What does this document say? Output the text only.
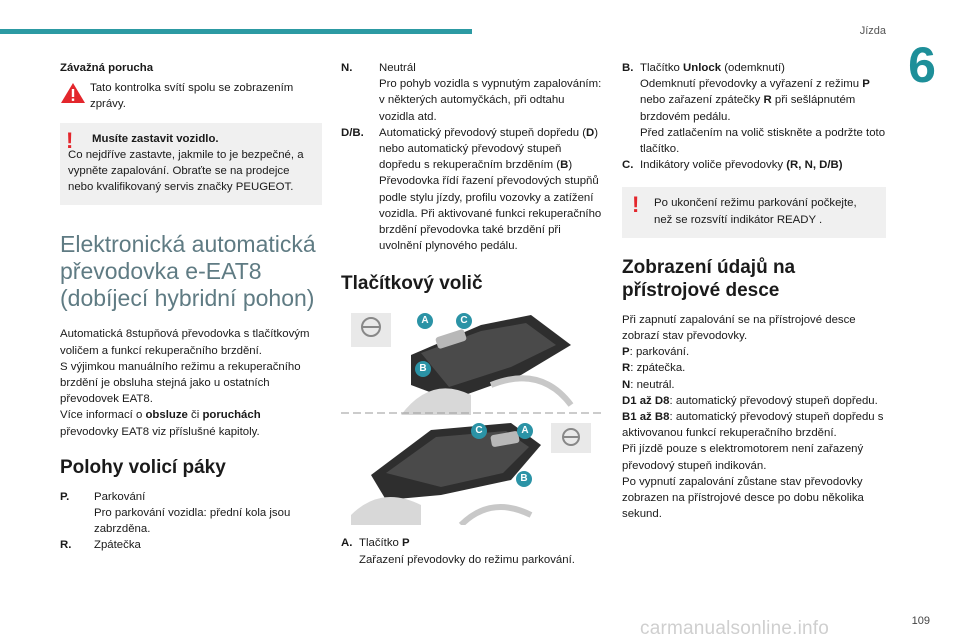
Jízda
6
109
carmanualsonline.info
Závažná porucha
Tato kontrolka svítí spolu se zobrazením zprávy.
!	Musíte zastavit vozidlo.
Co nejdříve zastavte, jakmile to je bezpečné, a vypněte zapalování. Obraťte se na prodejce nebo kvalifikovaný servis značky PEUGEOT.
Elektronická automatická převodovka e-EAT8 (dobíjecí hybridní pohon)
Automatická 8stupňová převodovka s tlačítkovým voličem a funkcí rekuperačního brzdění.
S výjimkou manuálního režimu a rekuperačního brzdění je obsluha stejná jako u ostatních převodovek EAT8.
Více informací o obsluze či poruchách převodovky EAT8 viz příslušné kapitoly.
Polohy volicí páky
P.	Parkování
Pro parkování vozidla: přední kola jsou zabrzděna.
R.	Zpátečka
N.	Neutrál
Pro pohyb vozidla s vypnutým zapalováním: v některých automyčkách, při odtahu vozidla atd.
D/B.	Automatický převodový stupeň dopředu (D) nebo automatický převodový stupeň dopředu s rekuperačním brzděním (B)
Převodovka řídí řazení převodových stupňů podle stylu jízdy, profilu vozovky a zatížení vozidla. Při aktivované funkci rekuperačního brzdění převodovka také brzdění při uvolnění plynového pedálu.
Tlačítkový volič
A	C
B
C	A
B
A. Tlačítko P
Zařazení převodovky do režimu parkování.
B. Tlačítko Unlock (odemknutí)
Odemknutí převodovky a vyřazení z režimu P nebo zařazení zpátečky R při sešlápnutém brzdovém pedálu.
Před zatlačením na volič stiskněte a podržte toto tlačítko.
C. Indikátory voliče převodovky (R, N, D/B)
! Po ukončení režimu parkování počkejte, než se rozsvítí indikátor READY .
Zobrazení údajů na přístrojové desce
Při zapnutí zapalování se na přístrojové desce zobrazí stav převodovky.
P: parkování.
R: zpátečka.
N: neutrál.
D1 až D8: automatický převodový stupeň dopředu.
B1 až B8: automatický převodový stupeň dopředu s aktivovanou funkcí rekuperačního brzdění.
Při jízdě pouze s elektromotorem není zařazený převodový stupeň indikován.
Po vypnutí zapalování zůstane stav převodovky zobrazen na přístrojové desce po dobu několika sekund.
